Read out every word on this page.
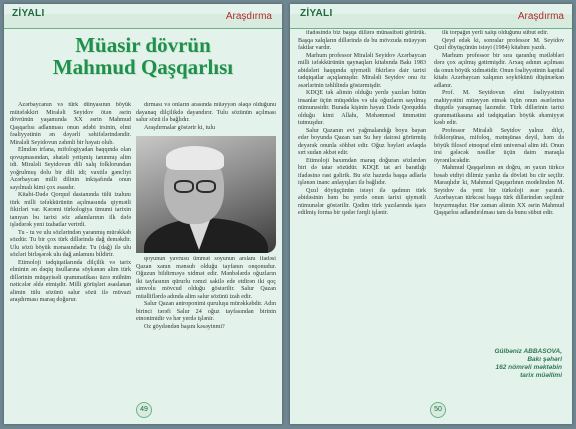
ZİYALI	Araşdırma
Müasir dövrün
Mahmud Qaşqarlısı

Azərbaycanın və türk dünyasının böyük mütəfəkkiri Miraləli Seyidov ötən əsrin dövrünün yaşamında XX əsrin Mahmud Qaşqarlısı adlanması onun ədəbi irsinin, elmi fəaliyyətinin ən dəyərli səhifələrindəndir. Miraləli Seyidovun zəhmli bir həyatı olub.

Elmdən irfana, mifologiyadan haqqında olan qovuşmasından, əhatəli yetişmiş tanınmış alim idi. Miraləli Seyidovun dili xalq folklorundan yoğrulmuş dolu bir dili idi; vaxtilə gəncliyi Azərbaycan milli dilinin inkişafında onun sayılmalı kimi çox əsasdır.

Kitabi-Dədə Qorqud dastanında tülü izahını türk milli təfəkkürünün açılmasında qiymətli fikirləri var. Kərəmi türkologiya ümumi tarixin tanıyan bu tarixi söz adamlarının ilk dəfə işlədərək yeni izahatlar verirdi.

Tu - tu ve ulu sözlərindən yaranmış mürəkkəb sözdür. Tu bir çox türk dillərində dağ deməkdir. Ulu sözü böyük mənasındadır. Tu (dağ) ilə ulu sözləri birləşərək ulu dağ anlamını bildirir.

Etimoloji tədqiqatlarında dilçilik və tarix elminin ən dəqiq üsullarına söykənən alim türk dillərinin müqayisəli qrammatikası üzrə mühüm nəticələr əldə etmişdir. Milli görüşləri əsaslanan alimin tülu sözünü salur sözü ilə müvazi araşdırması maraq doğurur.

dırması və onların arasında müəyyən əlaqə olduğunu dayanaq dilçilikdə dayandırır. Tulu sözünün açılması salur sözü ilə bağlıdır.

Araşdırmalar göstərir ki, tulu

qoyunun yavrusu ümmət soyunun arslanı ifadəsi Qazan xanın mənsub olduğu tayfanın onqonudur. Oğuzun bildirməyə xidmət edir. Mənbələrdə oğuzların iki tayfasının qürurlu rəmzi sakilə ede etdirən iki qoç simvolu mövcud olduğu göstərilir. Salur Qazan müəlliflərdə adında alim salur sözünü izah edir.

Salur Qazan antroponimi quruluşu mürəkkəbdir. Adın birinci tərəfi Salur 24 oğuz tayfasından birinin etnonimidir və hər yerdə işlənir.

Oz göydəndən başını kəsəyinmi?

49
ZİYALI	Araşdırma

ifadəsində biz başqa dillərə münasibəti görürük. Başqa xalqların dillərində də bu mövzuda müəyyən faktlar vardır.

Marhum professor Miraləli Seyidov Azərbaycan milli təfəkkürünün qaynaqları kitabında Bakı 1983 abidələri haqqında qiymətli fikirlərə dair tarixi tədqiqatlar açıqlamışdır. Miraləli Seyidov onu öz əsərlərinin təhlilində göstərmişdir.

KDQE tək alimin olduğu yerdə yazılan bütün insanlar üçün müqəddəs və ulu oğuzların sayılmış nümunəsidir. Burada kişinin həyatı Dədə Qorqudda olduğu kimi Allahı, Məhəmməd ümmətini tutmuşdur.

Salur Qazanın evi yağmalandığı boyu bayan edər boyunda Qazan xan Su hey dairəsi görürmüş deyərək onunla söhbət edir. Oğuz bəyləri avlaqda sırt sudan əkbət edir.

Etimoloji baxımdan maraq doğuran sözlərdən biri də tatar sözüdür. KDQE tat ari baratlığı ifadəsinə rast gəlirik. Bu söz hazırda başqa adlarla işlənən inanc anlayışları ilə bağlıdır.

Qızıl döyüşçünün istəyi ilə qadının türk abidəsinin həm bu yerdə onun tarixi qiymətli nümunələr göstərilir. Qədim türk yazılarında işarə edilmiş forma bir qədər fərqli işlənir.

ilk torpağın yerli xalqı olduğunu sübut edir.

Qeyd edək ki, sonralar professor M. Seyidov Qızıl döyüşçünün istəyi (1984) kitabını yazdı.

Marhum professor bir sıra qaranlıq mətləbləri dərə çox açılmış gətirmişdir. Arxaq adının açılması da onun böyük xidmətidir. Onun fəaliyyətinin kapital kitabı Azərbaycan xalqının soykökünü düşünərkən adlanır.

Prof. M. Seyidovun elmi fəaliyyətinin mahiyyətini müəyyən etmək üçün onun əsərlərinə diqqətlə yanaşmaq lazımdır. Türk dillərinin tarixi qrammatikasına aid tədqiqatları böyük əhəmiyyət kəsb edir.

Professor Miraləli Seyidov yalnız dilçi, folklorşünas, mifoloq, mətnşünas deyil, həm də böyük filosof etnoqraf elmi universal alim idi. Onun irsi gələcək nəsillər üçün daim maraqla öyrəniləcəkdir.

Mahmud Qaşqarlının ən doğru, ən yaxın türkcə bəsab etdiyi dilimiz yanlız da dövləti bu cür seçilir. Maraqlıdır ki, Mahmud Qaşqarlının modelindən M. Seyidov da yeni bir türkoloji əsər yaratdı. Azərbaycan türkcəsi başqa türk dillərindən seçilmir buyurmuşdur. Hər zaman alimin XX əsrin Mahmud Qaşqarlısı adlandırılması tam da bunu sübut edir.

Gülbəniz ABBASOVA,
Bakı şəhəri
162 nömrəli məktəbin
tarix müəllimi
50
